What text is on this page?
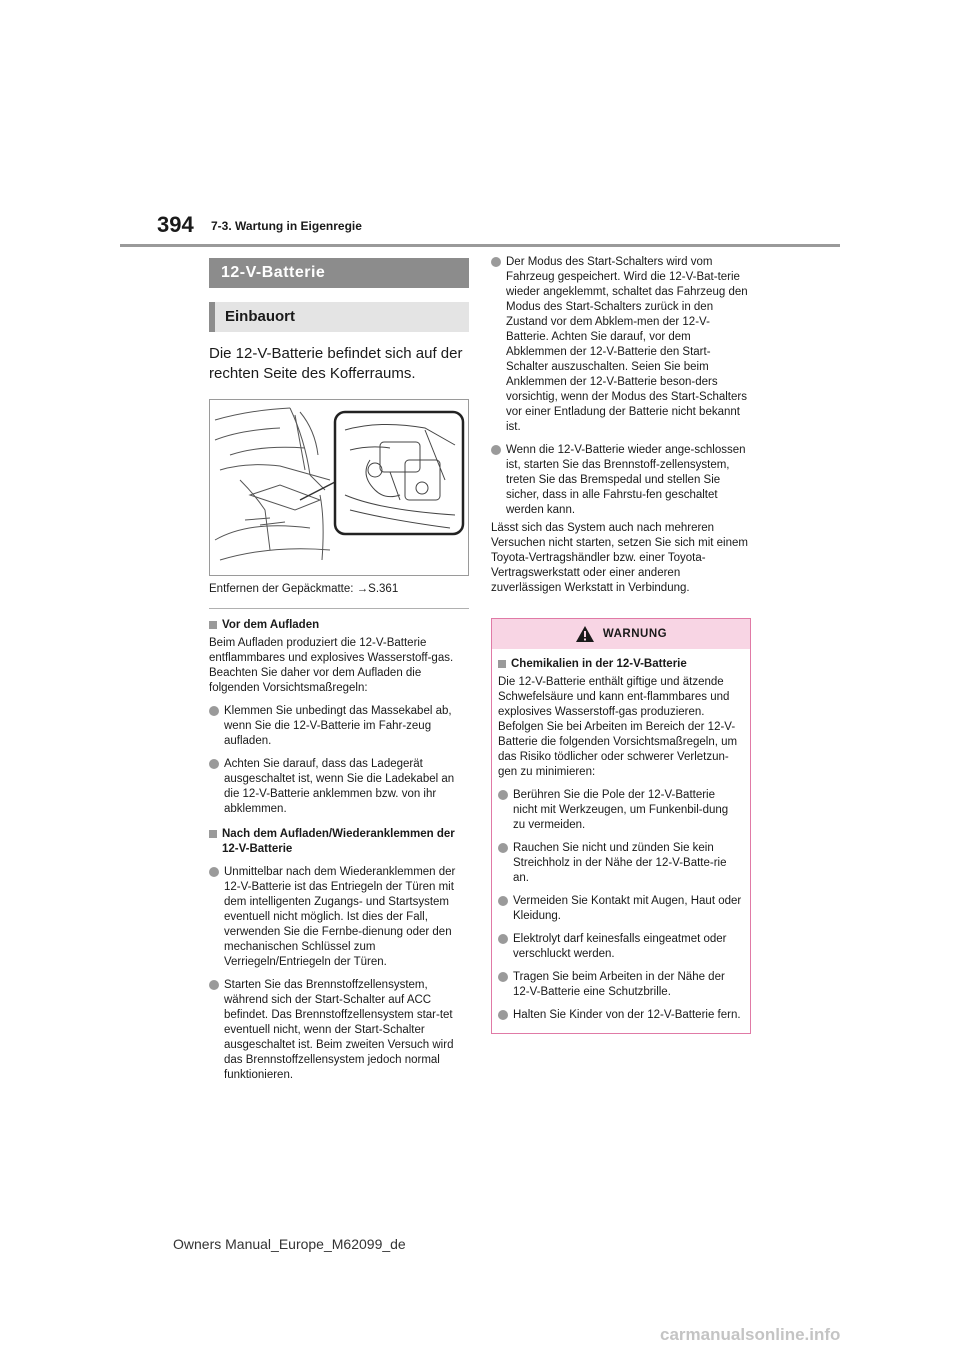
394 7-3. Wartung in Eigenregie
12-V-Batterie
Einbauort
Die 12-V-Batterie befindet sich auf der rechten Seite des Kofferraums.
Entfernen der Gepäckmatte: →S.361
Vor dem Aufladen
Beim Aufladen produziert die 12-V-Batterie entflammbares und explosives Wasserstoff-gas. Beachten Sie daher vor dem Aufladen die folgenden Vorsichtsmaßregeln:
Klemmen Sie unbedingt das Massekabel ab, wenn Sie die 12-V-Batterie im Fahr-zeug aufladen.
Achten Sie darauf, dass das Ladegerät ausgeschaltet ist, wenn Sie die Ladekabel an die 12-V-Batterie anklemmen bzw. von ihr abklemmen.
Nach dem Aufladen/Wiederanklemmen der 12-V-Batterie
Unmittelbar nach dem Wiederanklemmen der 12-V-Batterie ist das Entriegeln der Türen mit dem intelligenten Zugangs- und Startsystem eventuell nicht möglich. Ist dies der Fall, verwenden Sie die Fernbe-dienung oder den mechanischen Schlüssel zum Verriegeln/Entriegeln der Türen.
Starten Sie das Brennstoffzellensystem, während sich der Start-Schalter auf ACC befindet. Das Brennstoffzellensystem star-tet eventuell nicht, wenn der Start-Schalter ausgeschaltet ist. Beim zweiten Versuch wird das Brennstoffzellensystem jedoch normal funktionieren.
Der Modus des Start-Schalters wird vom Fahrzeug gespeichert. Wird die 12-V-Bat-terie wieder angeklemmt, schaltet das Fahrzeug den Modus des Start-Schalters zurück in den Zustand vor dem Abklem-men der 12-V-Batterie. Achten Sie darauf, vor dem Abklemmen der 12-V-Batterie den Start-Schalter auszuschalten. Seien Sie beim Anklemmen der 12-V-Batterie beson-ders vorsichtig, wenn der Modus des Start-Schalters vor einer Entladung der Batterie nicht bekannt ist.
Wenn die 12-V-Batterie wieder ange-schlossen ist, starten Sie das Brennstoff-zellensystem, treten Sie das Bremspedal und stellen Sie sicher, dass in alle Fahrstu-fen geschaltet werden kann.
Lässt sich das System auch nach mehreren Versuchen nicht starten, setzen Sie sich mit einem Toyota-Vertragshändler bzw. einer Toyota-Vertragswerkstatt oder einer anderen zuverlässigen Werkstatt in Verbindung.
WARNUNG
Chemikalien in der 12-V-Batterie
Die 12-V-Batterie enthält giftige und ätzende Schwefelsäure und kann ent-flammbares und explosives Wasserstoff-gas produzieren. Befolgen Sie bei Arbeiten im Bereich der 12-V-Batterie die folgenden Vorsichtsmaßregeln, um das Risiko tödlicher oder schwerer Verletzun-gen zu minimieren:
Berühren Sie die Pole der 12-V-Batterie nicht mit Werkzeugen, um Funkenbil-dung zu vermeiden.
Rauchen Sie nicht und zünden Sie kein Streichholz in der Nähe der 12-V-Batte-rie an.
Vermeiden Sie Kontakt mit Augen, Haut oder Kleidung.
Elektrolyt darf keinesfalls eingeatmet oder verschluckt werden.
Tragen Sie beim Arbeiten in der Nähe der 12-V-Batterie eine Schutzbrille.
Halten Sie Kinder von der 12-V-Batterie fern.
Owners Manual_Europe_M62099_de
carmanualsonline.info
